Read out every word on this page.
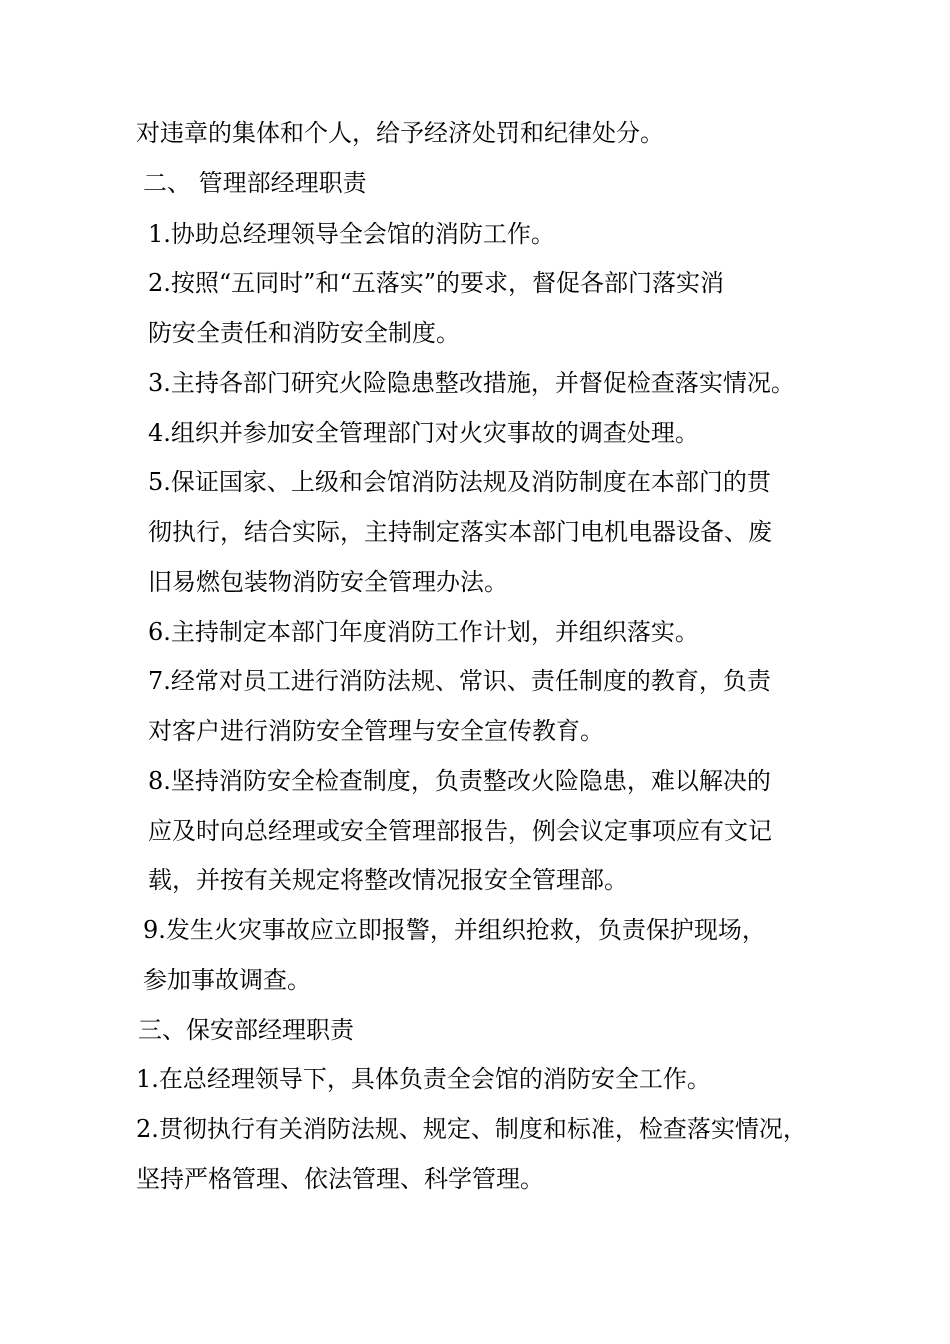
对违章的集体和个人，给予经济处罚和纪律处分。
二、 管理部经理职责
1.协助总经理领导全会馆的消防工作。
2.按照“五同时”和“五落实”的要求，督促各部门落实消
防安全责任和消防安全制度。
3.主持各部门研究火险隐患整改措施，并督促检查落实情况。
4.组织并参加安全管理部门对火灾事故的调查处理。
5.保证国家、上级和会馆消防法规及消防制度在本部门的贯
彻执行，结合实际，主持制定落实本部门电机电器设备、废
旧易燃包装物消防安全管理办法。
6.主持制定本部门年度消防工作计划，并组织落实。
7.经常对员工进行消防法规、常识、责任制度的教育，负责
对客户进行消防安全管理与安全宣传教育。
8.坚持消防安全检查制度，负责整改火险隐患，难以解决的
应及时向总经理或安全管理部报告，例会议定事项应有文记
载，并按有关规定将整改情况报安全管理部。
9.发生火灾事故应立即报警，并组织抢救，负责保护现场，
参加事故调查。
三、保安部经理职责
1.在总经理领导下，具体负责全会馆的消防安全工作。
2.贯彻执行有关消防法规、规定、制度和标准，检查落实情况，
坚持严格管理、依法管理、科学管理。
